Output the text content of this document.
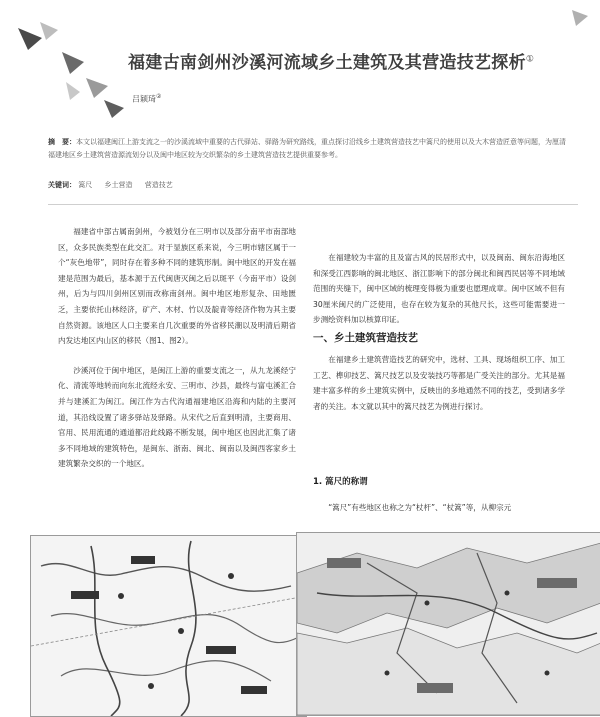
福建古南剑州沙溪河流域乡土建筑及其营造技艺探析①
吕颖琦②
摘　要：本文以福建闽江上游支流之一的沙溪流域中重要的古代驿站、驿路为研究路线，重点探讨沿线乡土建筑营造技艺中篙尺的使用以及大木营造匠意等问题，为厘清福建地区乡土建筑营造源流划分以及闽中地区较为交织繁杂的乡土建筑营造技艺提供重要参考。
关键词： 篙尺 乡土营造 营造技艺

福建省中部古属南剑州，今被划分在三明市以及部分南平市南部地区，众多民族类型在此交汇。对于显族区系来说，今三明市辖区属于一个“灰色地带”，同时存在着多种不同的建筑形制。闽中地区的开发在福建是范围为最后，基本源于五代闽唐灭闽之后以斑平（今南平市）设剑州，后为与四川剑州区别而改称南剑州。闽中地区地形复杂、田地匮乏，主要依托山林经济，矿产、木材、竹以及靛青等经济作物为其主要自然资源。该地区人口主要来自几次重要的外省移民潮以及明清后期省内发达地区内山区的移民（图1、图2）。

沙溪河位于闽中地区，是闽江上游的重要支流之一，从九龙溪经宁化、清流等地转而向东北流经永安、三明市、沙县，最终与富屯溪汇合并与建溪汇为闽江。闽江作为古代沟通福建地区沿海和内陆的主要河道，其沿线设置了诸多驿站及驿路。从宋代之后直到明清，主要商用、官用、民用流通的通道都沿此线路不断发展，闽中地区也因此汇集了诸多不同地域的建筑特色，是闽东、浙南、闽北、闽南以及闽西客家乡土建筑繁杂交织的一个地区。

在福建较为丰富的且及富古风的民居形式中，以及闽南、闽东沿海地区和深受江西影响的闽北地区、浙江影响下的部分闽北和闽西民居等不同地域范围的夹缝下，闽中区域的梳理变得极为重要也愿理成章。闽中区域不但有30厘米闽尺的广泛使用，也存在较为复杂的其他尺长，这些可能需要进一步测绘资料加以核算印证。

一、乡土建筑营造技艺

在福建乡土建筑营造技艺的研究中，选材、工具、现场组织工序、加工工艺、榫卯技艺、篙尺技艺以及安装技巧等都是广受关注的部分。尤其是福建丰富多样的乡土建筑实例中，反映出的多地通然不同的技艺，受到诸多学者的关注。本文就以其中的篙尺技艺为例进行探讨。

1. 篙尺的称谓

“篙尺”有些地区也称之为“杖杆”、“杖篙”等，从柳宗元
